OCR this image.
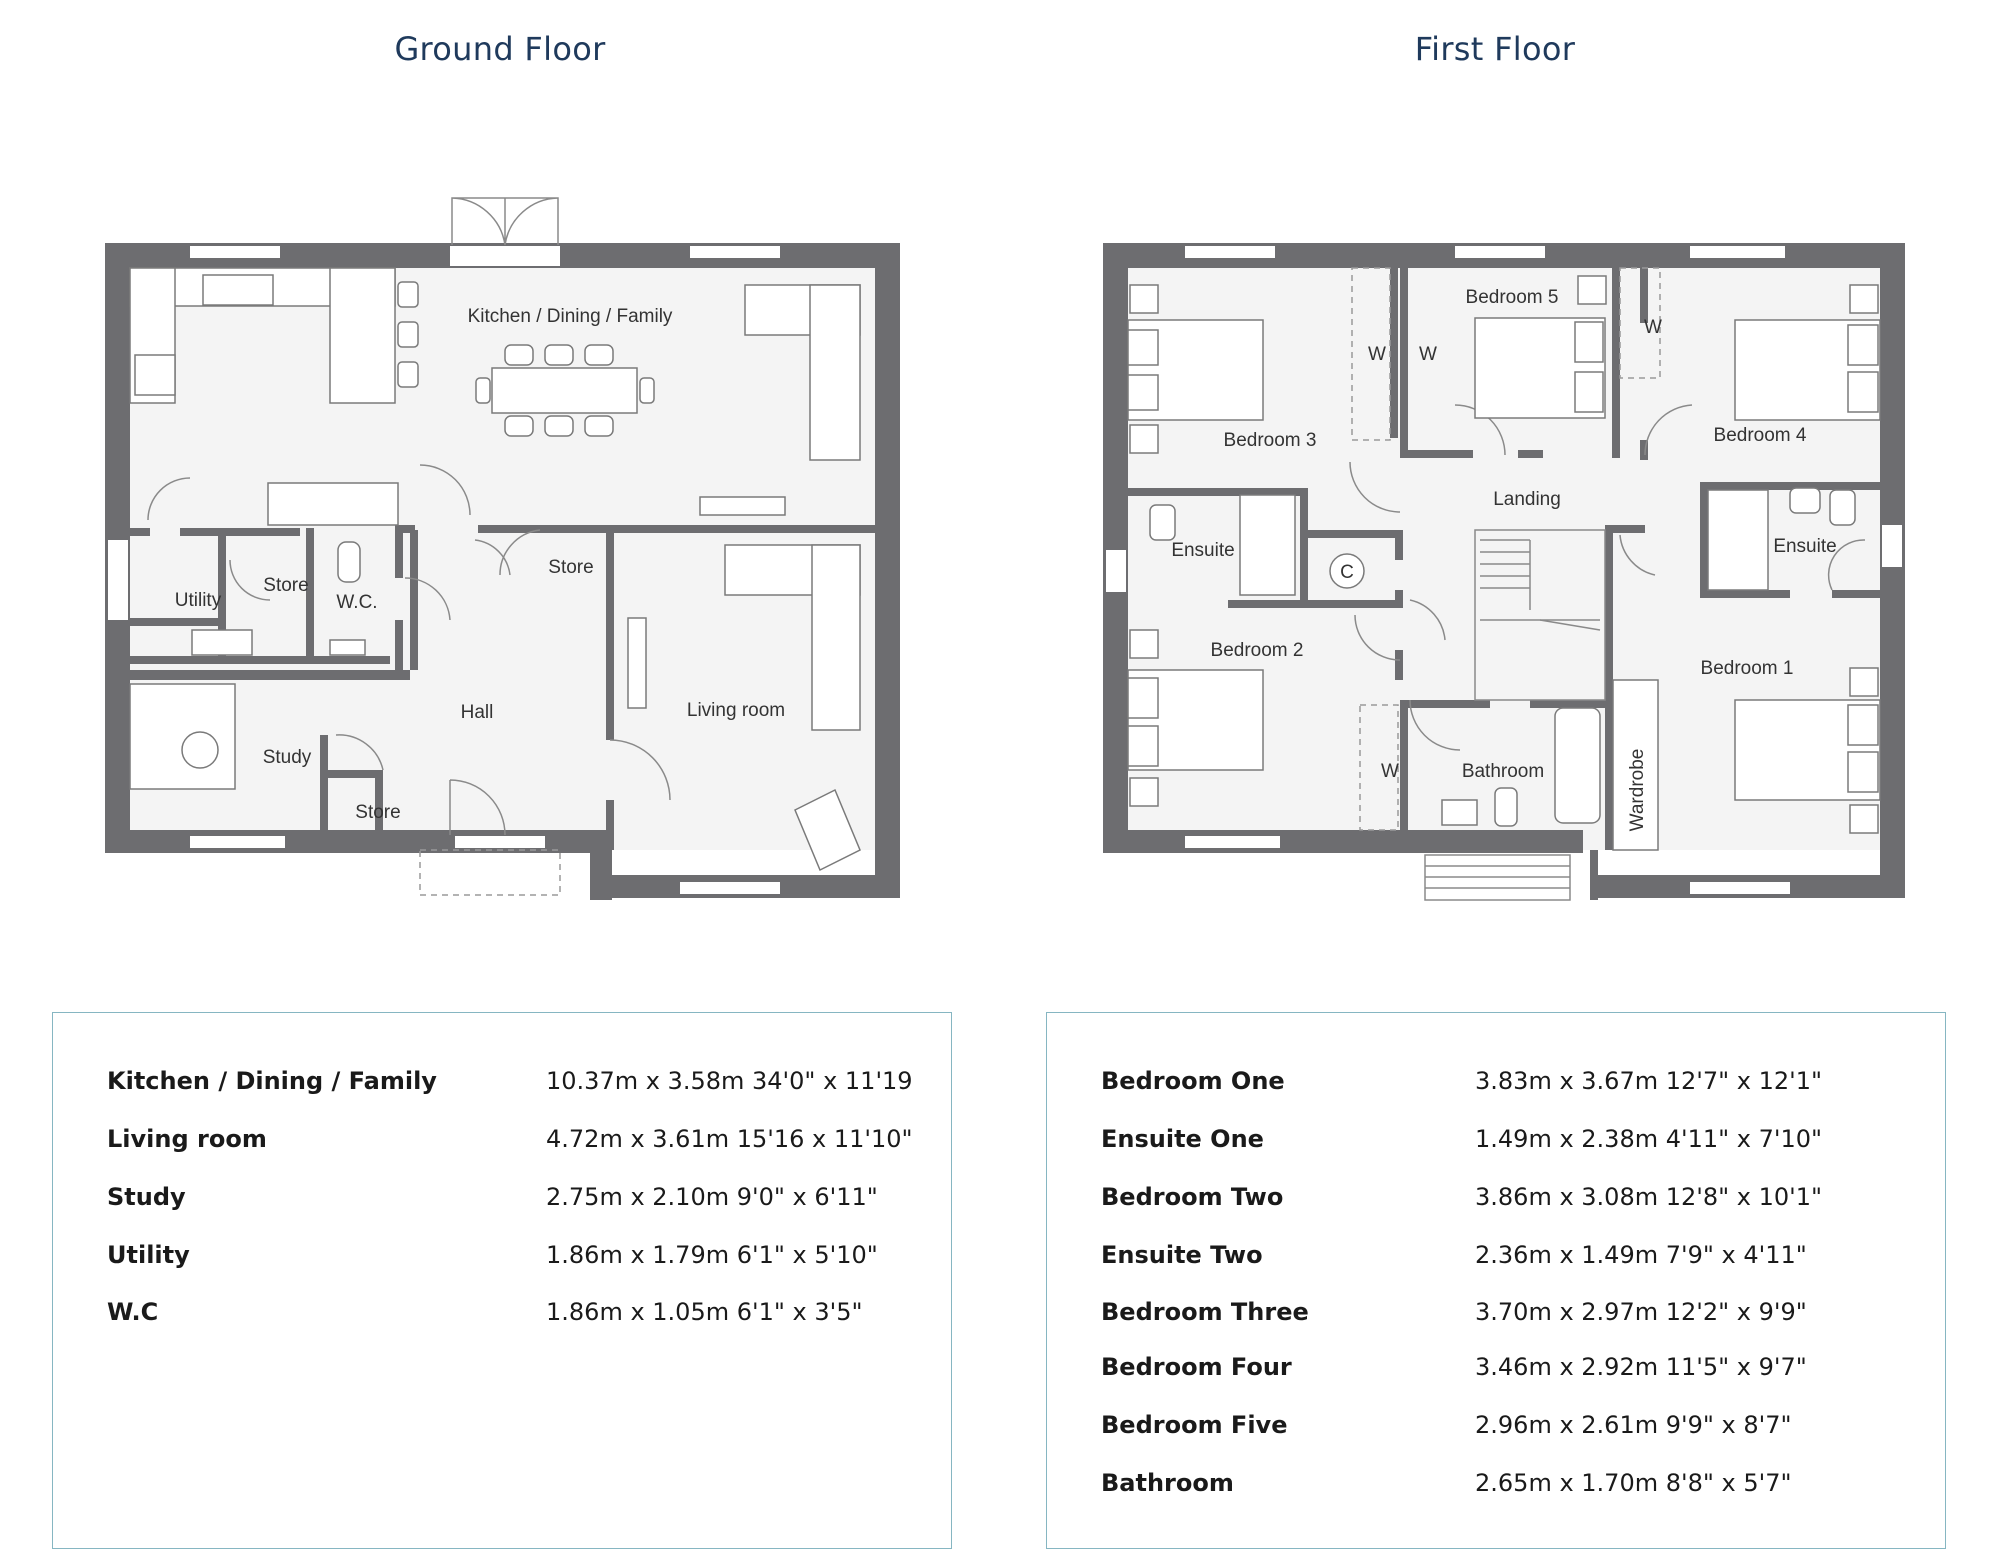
Ground Floor	First Floor
Kitchen / Dining / Family
Utility
Store
W.C.
Store
Hall	Living room
Study
Store
Bedroom 3
Bedroom 5
Bedroom 4
Landing
Ensuite	Ensuite
C
Bedroom 2
Bedroom 1
Bathroom	Wardrobe
W W
W
W
Kitchen / Dining / Family	10.37m x 3.58m 34'0" x 11'19
Living room	4.72m x 3.61m 15'16 x 11'10"
Study	2.75m x 2.10m 9'0" x 6'11"
Utility	1.86m x 1.79m 6'1" x 5'10"
W.C	1.86m x 1.05m 6'1" x 3'5"
Bedroom One	3.83m x 3.67m 12'7" x 12'1"
Ensuite One	1.49m x 2.38m 4'11" x 7'10"
Bedroom Two	3.86m x 3.08m 12'8" x 10'1"
Ensuite Two	2.36m x 1.49m 7'9" x 4'11"
Bedroom Three	3.70m x 2.97m 12'2" x 9'9"
Bedroom Four	3.46m x 2.92m 11'5" x 9'7"
Bedroom Five	2.96m x 2.61m 9'9" x 8'7"
Bathroom	2.65m x 1.70m 8'8" x 5'7"
